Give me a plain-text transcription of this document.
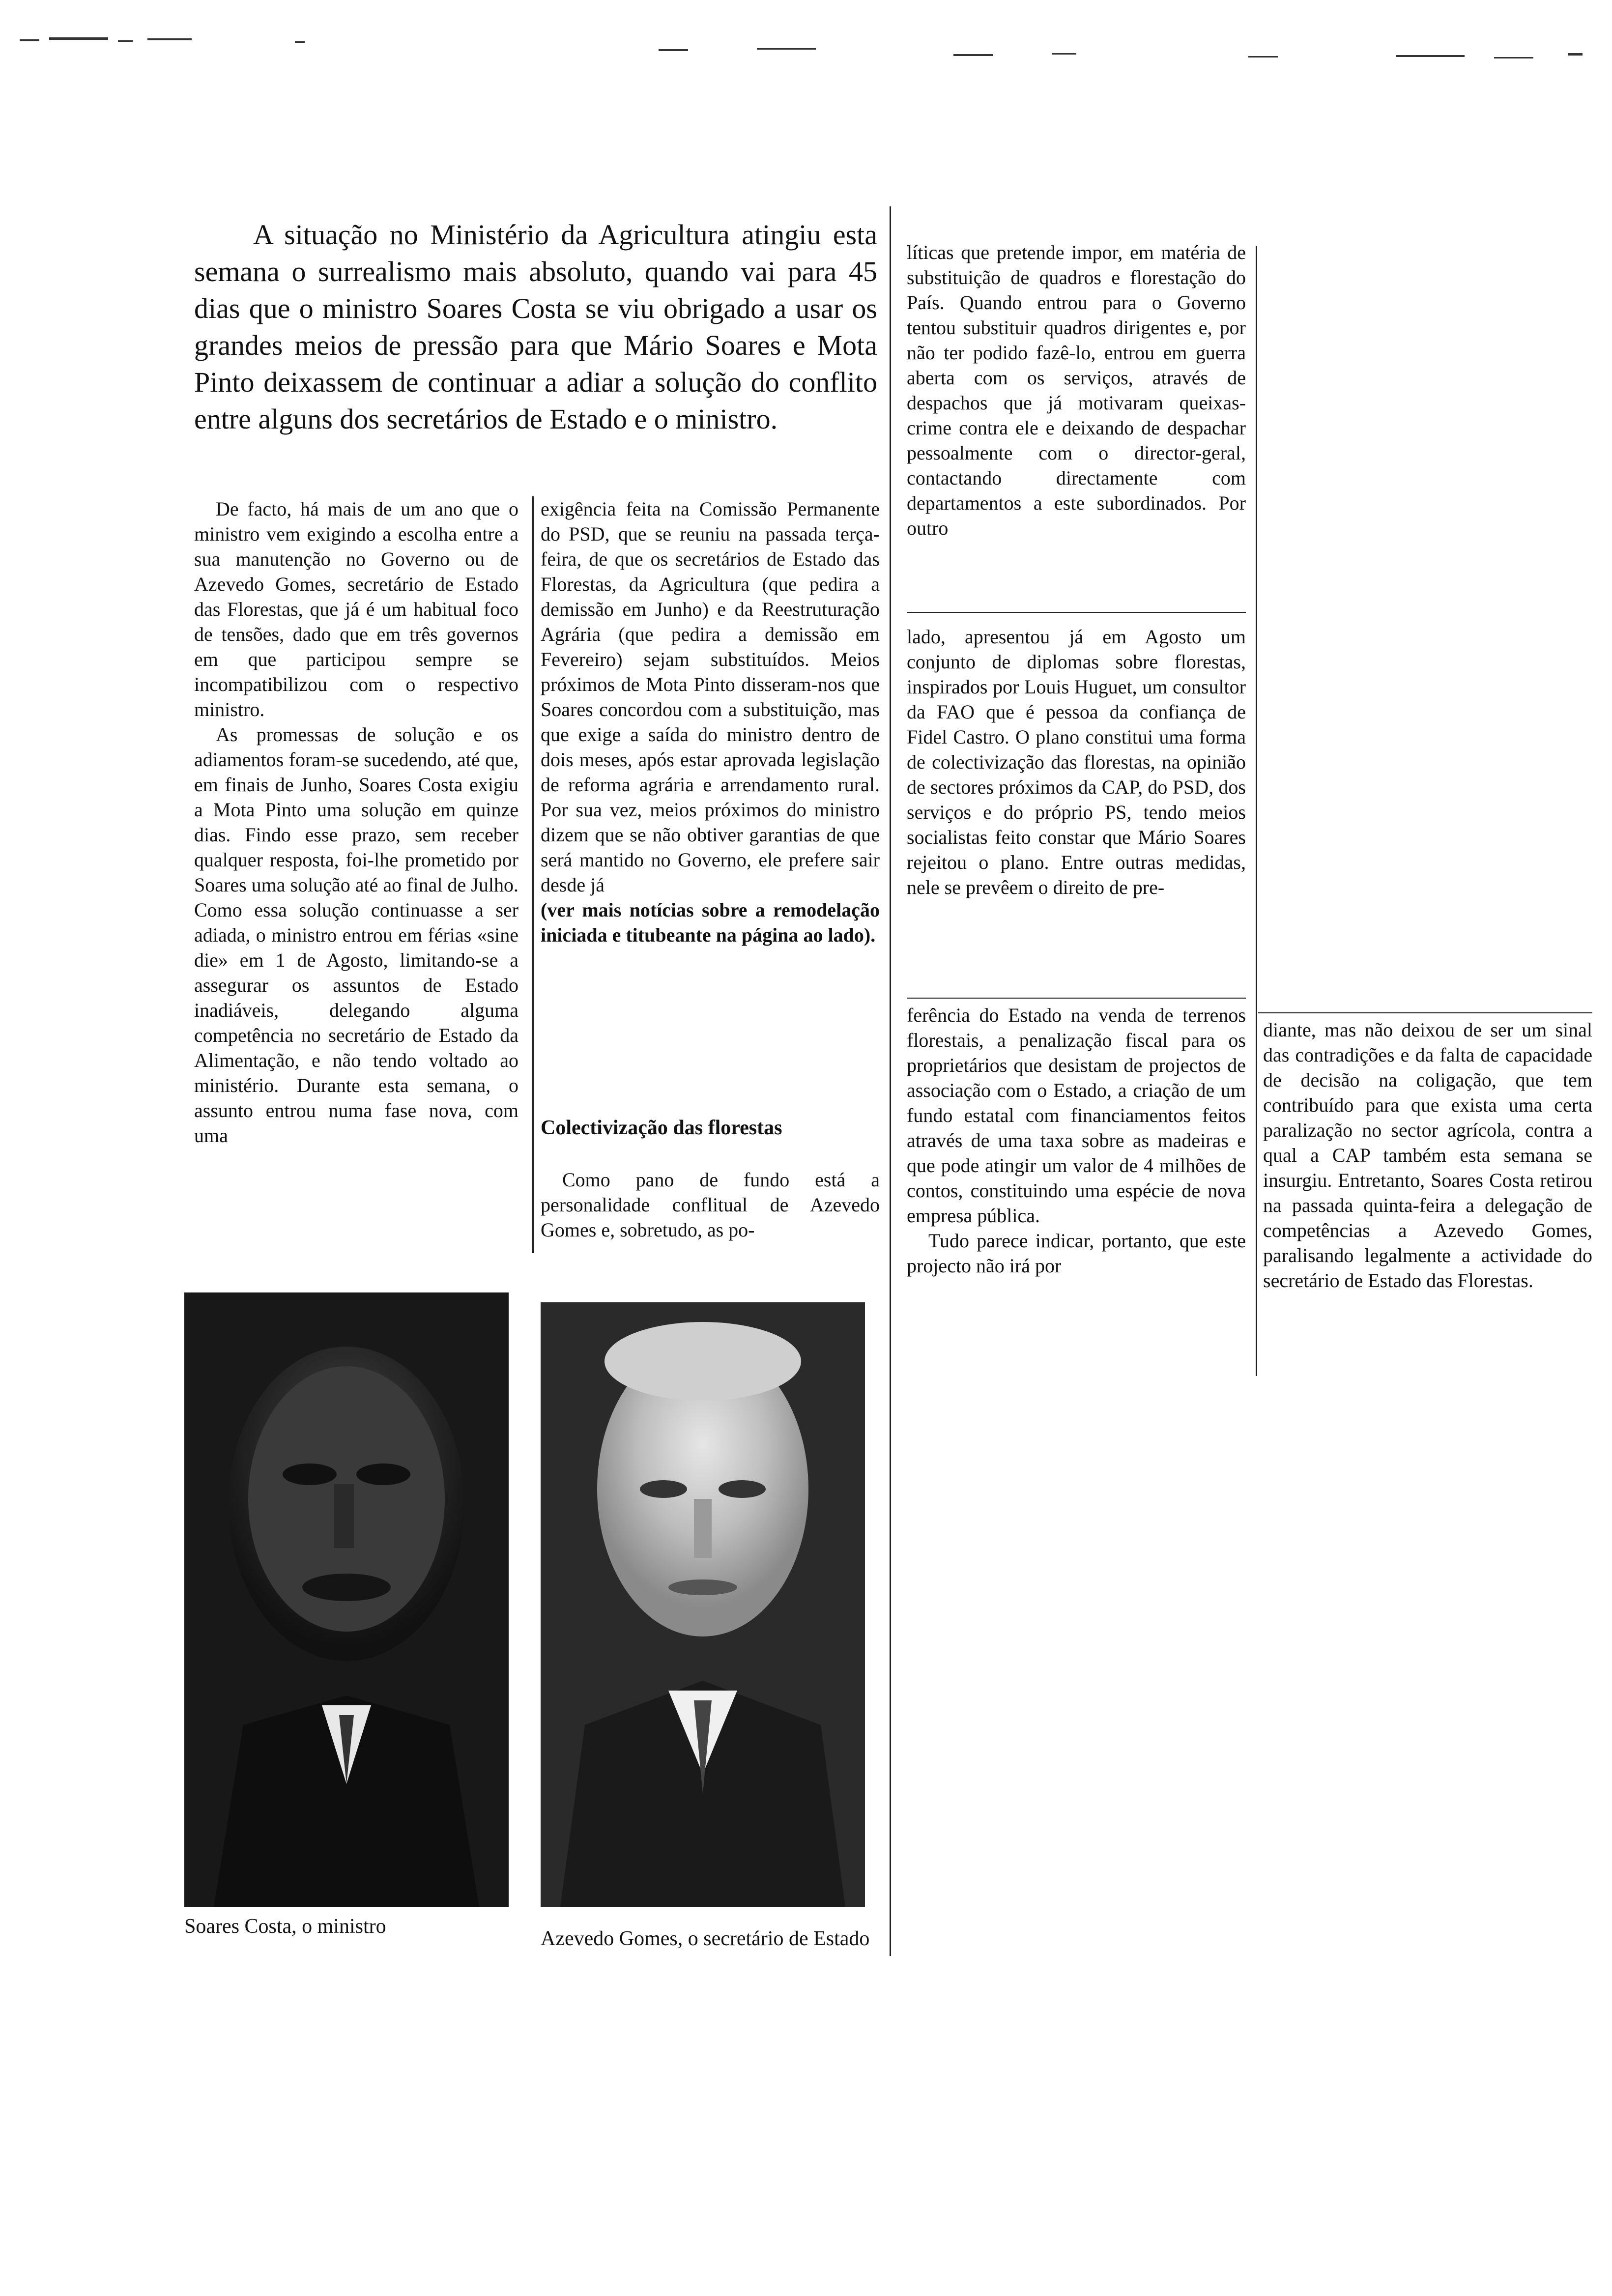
A situação no Ministério da Agricultura atingiu esta semana o surrealismo mais absoluto, quando vai para 45 dias que o ministro Soares Costa se viu obrigado a usar os grandes meios de pressão para que Mário Soares e Mota Pinto deixassem de continuar a adiar a solução do conflito entre alguns dos secretários de Estado e o ministro.

De facto, há mais de um ano que o ministro vem exigindo a escolha entre a sua manutenção no Governo ou de Azevedo Gomes, secretário de Estado das Florestas, que já é um habitual foco de tensões, dado que em três governos em que participou sempre se incompatibilizou com o respectivo ministro.

As promessas de solução e os adiamentos foram-se sucedendo, até que, em finais de Junho, Soares Costa exigiu a Mota Pinto uma solução em quinze dias. Findo esse prazo, sem receber qualquer resposta, foi-lhe prometido por Soares uma solução até ao final de Julho. Como essa solução continuasse a ser adiada, o ministro entrou em férias «sine die» em 1 de Agosto, limitando-se a assegurar os assuntos de Estado inadiáveis, delegando alguma competência no secretário de Estado da Alimentação, e não tendo voltado ao ministério. Durante esta semana, o assunto entrou numa fase nova, com uma

exigência feita na Comissão Permanente do PSD, que se reuniu na passada terça-feira, de que os secretários de Estado das Florestas, da Agricultura (que pedira a demissão em Junho) e da Reestruturação Agrária (que pedira a demissão em Fevereiro) sejam substituídos. Meios próximos de Mota Pinto disseram-nos que Soares concordou com a substituição, mas que exige a saída do ministro dentro de dois meses, após estar aprovada legislação de reforma agrária e arrendamento rural. Por sua vez, meios próximos do ministro dizem que se não obtiver garantias de que será mantido no Governo, ele prefere sair desde já

(ver mais notícias sobre a remodelação iniciada e titubeante na página ao lado).

Colectivização das florestas

Como pano de fundo está a personalidade conflitual de Azevedo Gomes e, sobretudo, as po-

líticas que pretende impor, em matéria de substituição de quadros e florestação do País. Quando entrou para o Governo tentou substituir quadros dirigentes e, por não ter podido fazê-lo, entrou em guerra aberta com os serviços, através de despachos que já motivaram queixas-crime contra ele e deixando de despachar pessoalmente com o director-geral, contactando directamente com departamentos a este subordinados. Por outro

lado, apresentou já em Agosto um conjunto de diplomas sobre florestas, inspirados por Louis Huguet, um consultor da FAO que é pessoa da confiança de Fidel Castro. O plano constitui uma forma de colectivização das florestas, na opinião de sectores próximos da CAP, do PSD, dos serviços e do próprio PS, tendo meios socialistas feito constar que Mário Soares rejeitou o plano. Entre outras medidas, nele se prevêem o direito de pre-

ferência do Estado na venda de terrenos florestais, a penalização fiscal para os proprietários que desistam de projectos de associação com o Estado, a criação de um fundo estatal com financiamentos feitos através de uma taxa sobre as madeiras e que pode atingir um valor de 4 milhões de contos, constituindo uma espécie de nova empresa pública.

Tudo parece indicar, portanto, que este projecto não irá por

diante, mas não deixou de ser um sinal das contradições e da falta de capacidade de decisão na coligação, que tem contribuído para que exista uma certa paralização no sector agrícola, contra a qual a CAP também esta semana se insurgiu. Entretanto, Soares Costa retirou na passada quinta-feira a delegação de competências a Azevedo Gomes, paralisando legalmente a actividade do secretário de Estado das Florestas.

Soares Costa, o ministro

Azevedo Gomes, o secretário de Estado
